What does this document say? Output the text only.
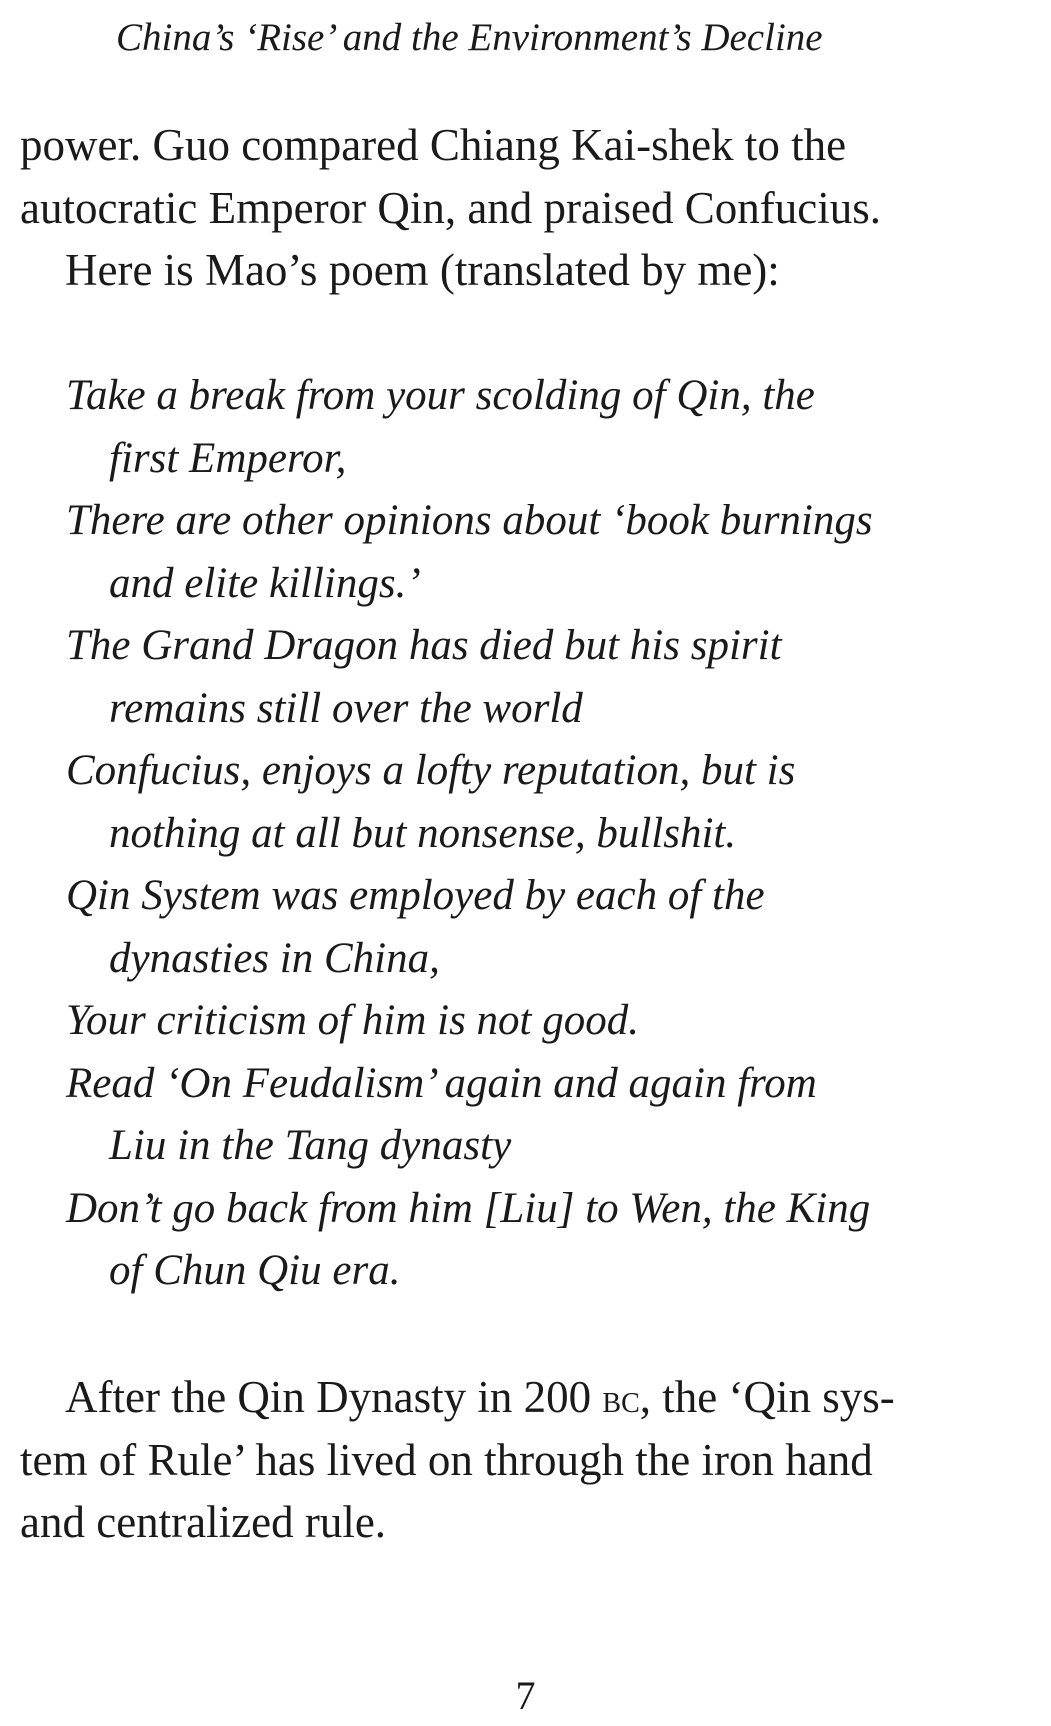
China’s ‘Rise’ and the Environment’s Decline
power. Guo compared Chiang Kai-shek to the
autocratic Emperor Qin, and praised Confucius.
Here is Mao’s poem (translated by me):
Take a break from your scolding of Qin, the
first Emperor,
There are other opinions about ‘book burnings
and elite killings.’
The Grand Dragon has died but his spirit
remains still over the world
Confucius, enjoys a lofty reputation, but is
nothing at all but nonsense, bullshit.
Qin System was employed by each of the
dynasties in China,
Your criticism of him is not good.
Read ‘On Feudalism’ again and again from
Liu in the Tang dynasty
Don’t go back from him [Liu] to Wen, the King
of Chun Qiu era.
After the Qin Dynasty in 200 bc, the ‘Qin sys-
tem of Rule’ has lived on through the iron hand
and centralized rule.
7
